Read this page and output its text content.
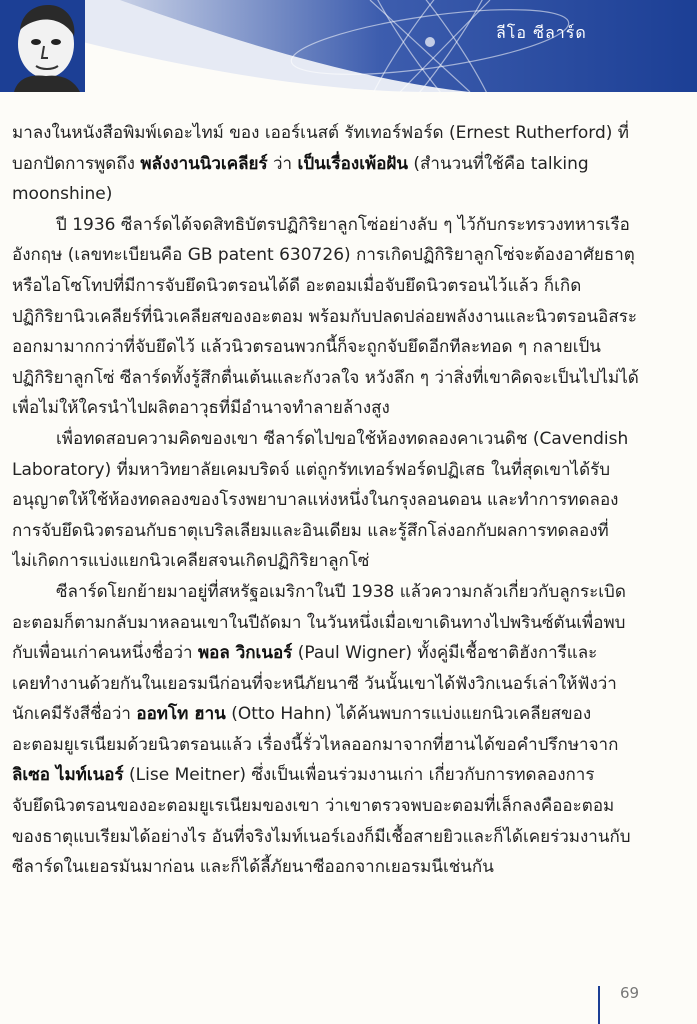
ลีโอ ซีลาร์ด
มาลงในหนังสือพิมพ์เดอะไทม์ ของ เออร์เนสต์ รัทเทอร์ฟอร์ด (Ernest Rutherford) ที่
บอกปัดการพูดถึง พลังงานนิวเคลียร์ ว่า เป็นเรื่องเพ้อฝัน (สำนวนที่ใช้คือ talking
moonshine)
ปี 1936 ซีลาร์ดได้จดสิทธิบัตรปฏิกิริยาลูกโซ่อย่างลับ ๆ ไว้กับกระทรวงทหารเรือ
อังกฤษ (เลขทะเบียนคือ GB patent 630726) การเกิดปฏิกิริยาลูกโซ่จะต้องอาศัยธาตุ
หรือไอโซโทปที่มีการจับยึดนิวตรอนได้ดี อะตอมเมื่อจับยึดนิวตรอนไว้แล้ว ก็เกิด
ปฏิกิริยานิวเคลียร์ที่นิวเคลียสของอะตอม พร้อมกับปลดปล่อยพลังงานและนิวตรอนอิสระ
ออกมามากกว่าที่จับยึดไว้ แล้วนิวตรอนพวกนี้ก็จะถูกจับยึดอีกทีละทอด ๆ กลายเป็น
ปฏิกิริยาลูกโซ่ ซีลาร์ดทั้งรู้สึกตื่นเต้นและกังวลใจ หวังลึก ๆ ว่าสิ่งที่เขาคิดจะเป็นไปไม่ได้
เพื่อไม่ให้ใครนำไปผลิตอาวุธที่มีอำนาจทำลายล้างสูง
เพื่อทดสอบความคิดของเขา ซีลาร์ดไปขอใช้ห้องทดลองคาเวนดิช (Cavendish
Laboratory) ที่มหาวิทยาลัยเคมบริดจ์ แต่ถูกรัทเทอร์ฟอร์ดปฏิเสธ ในที่สุดเขาได้รับ
อนุญาตให้ใช้ห้องทดลองของโรงพยาบาลแห่งหนึ่งในกรุงลอนดอน และทำการทดลอง
การจับยึดนิวตรอนกับธาตุเบริลเลียมและอินเดียม และรู้สึกโล่งอกกับผลการทดลองที่
ไม่เกิดการแบ่งแยกนิวเคลียสจนเกิดปฏิกิริยาลูกโซ่
ซีลาร์ดโยกย้ายมาอยู่ที่สหรัฐอเมริกาในปี 1938 แล้วความกลัวเกี่ยวกับลูกระเบิด
อะตอมก็ตามกลับมาหลอนเขาในปีถัดมา ในวันหนึ่งเมื่อเขาเดินทางไปพรินซ์ตันเพื่อพบ
กับเพื่อนเก่าคนหนึ่งชื่อว่า พอล วิกเนอร์ (Paul Wigner) ทั้งคู่มีเชื้อชาติฮังการีและ
เคยทำงานด้วยกันในเยอรมนีก่อนที่จะหนีภัยนาซี วันนั้นเขาได้ฟังวิกเนอร์เล่าให้ฟังว่า
นักเคมีรังสีชื่อว่า ออทโท ฮาน (Otto Hahn) ได้ค้นพบการแบ่งแยกนิวเคลียสของ
อะตอมยูเรเนียมด้วยนิวตรอนแล้ว เรื่องนี้รั่วไหลออกมาจากที่ฮานได้ขอคำปรึกษาจาก
ลิเซอ ไมท์เนอร์ (Lise Meitner) ซึ่งเป็นเพื่อนร่วมงานเก่า เกี่ยวกับการทดลองการ
จับยึดนิวตรอนของอะตอมยูเรเนียมของเขา ว่าเขาตรวจพบอะตอมที่เล็กลงคืออะตอม
ของธาตุแบเรียมได้อย่างไร อันที่จริงไมท์เนอร์เองก็มีเชื้อสายยิวและก็ได้เคยร่วมงานกับ
ซีลาร์ดในเยอรมันมาก่อน และก็ได้ลี้ภัยนาซีออกจากเยอรมนีเช่นกัน
69
